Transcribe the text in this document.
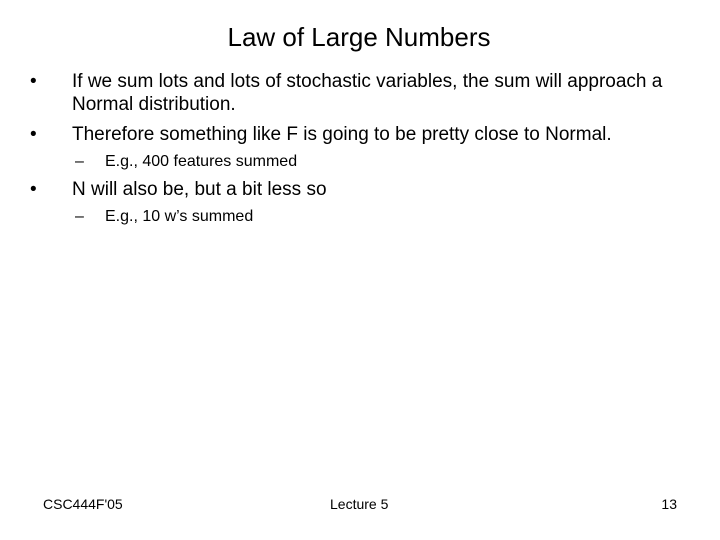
Law of Large Numbers
• If we sum lots and lots of stochastic variables, the sum will approach a Normal distribution.
• Therefore something like F is going to be pretty close to Normal.
– E.g., 400 features summed
• N will also be, but a bit less so
– E.g., 10 w’s summed
CSC444F'05	Lecture 5	13
